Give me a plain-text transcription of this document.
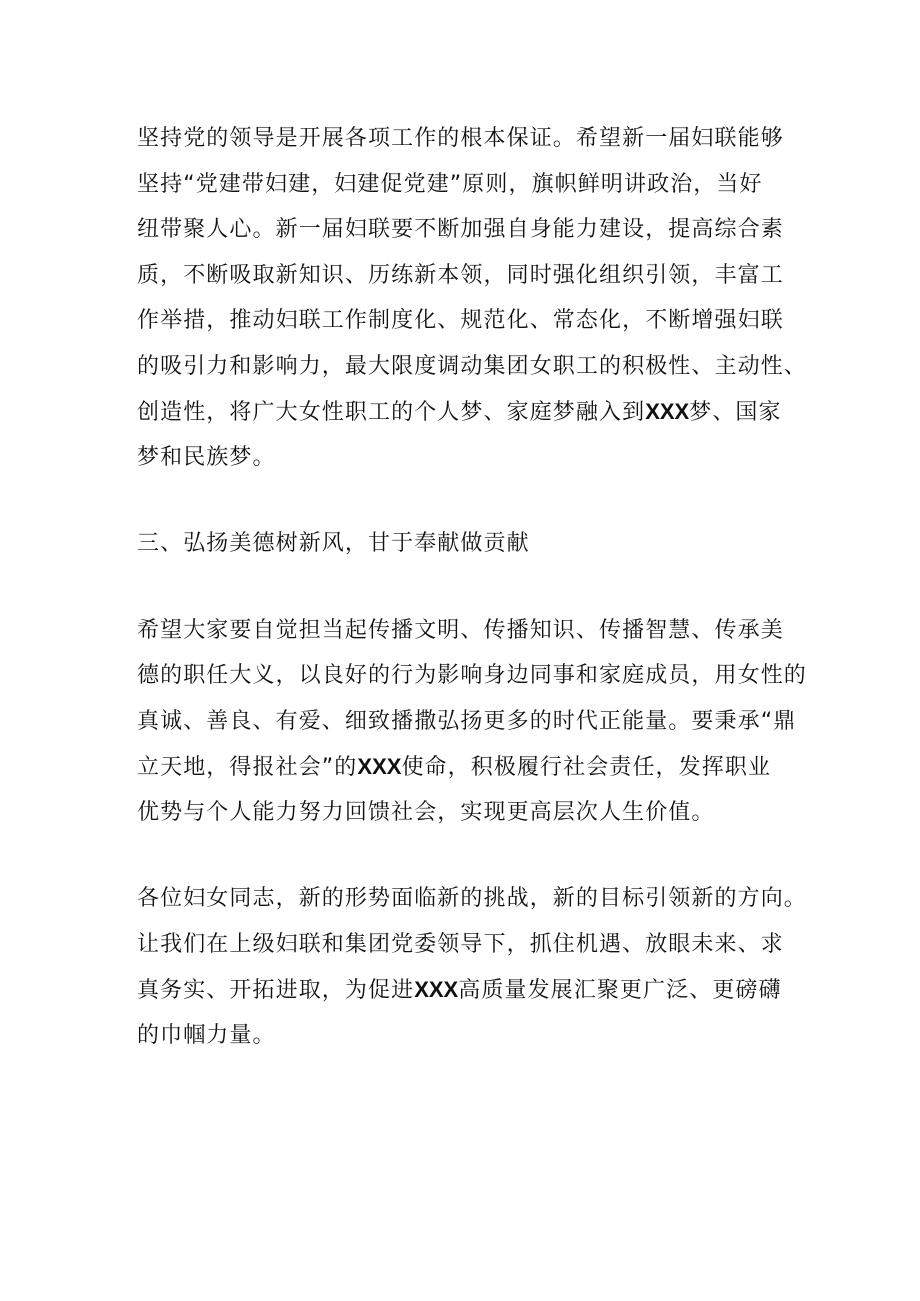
坚持党的领导是开展各项工作的根本保证。希望新一届妇联能够
坚持“党建带妇建，妇建促党建”原则，旗帜鲜明讲政治，当好
纽带聚人心。新一届妇联要不断加强自身能力建设，提高综合素
质，不断吸取新知识、历练新本领，同时强化组织引领，丰富工
作举措，推动妇联工作制度化、规范化、常态化，不断增强妇联
的吸引力和影响力，最大限度调动集团女职工的积极性、主动性、
创造性，将广大女性职工的个人梦、家庭梦融入到XXX梦、国家
梦和民族梦。
三、弘扬美德树新风，甘于奉献做贡献
希望大家要自觉担当起传播文明、传播知识、传播智慧、传承美
德的职任大义，以良好的行为影响身边同事和家庭成员，用女性的
真诚、善良、有爱、细致播撒弘扬更多的时代正能量。要秉承“鼎
立天地，得报社会”的XXX使命，积极履行社会责任，发挥职业
优势与个人能力努力回馈社会，实现更高层次人生价值。
各位妇女同志，新的形势面临新的挑战，新的目标引领新的方向。
让我们在上级妇联和集团党委领导下，抓住机遇、放眼未来、求
真务实、开拓进取，为促进XXX高质量发展汇聚更广泛、更磅礴
的巾帼力量。
